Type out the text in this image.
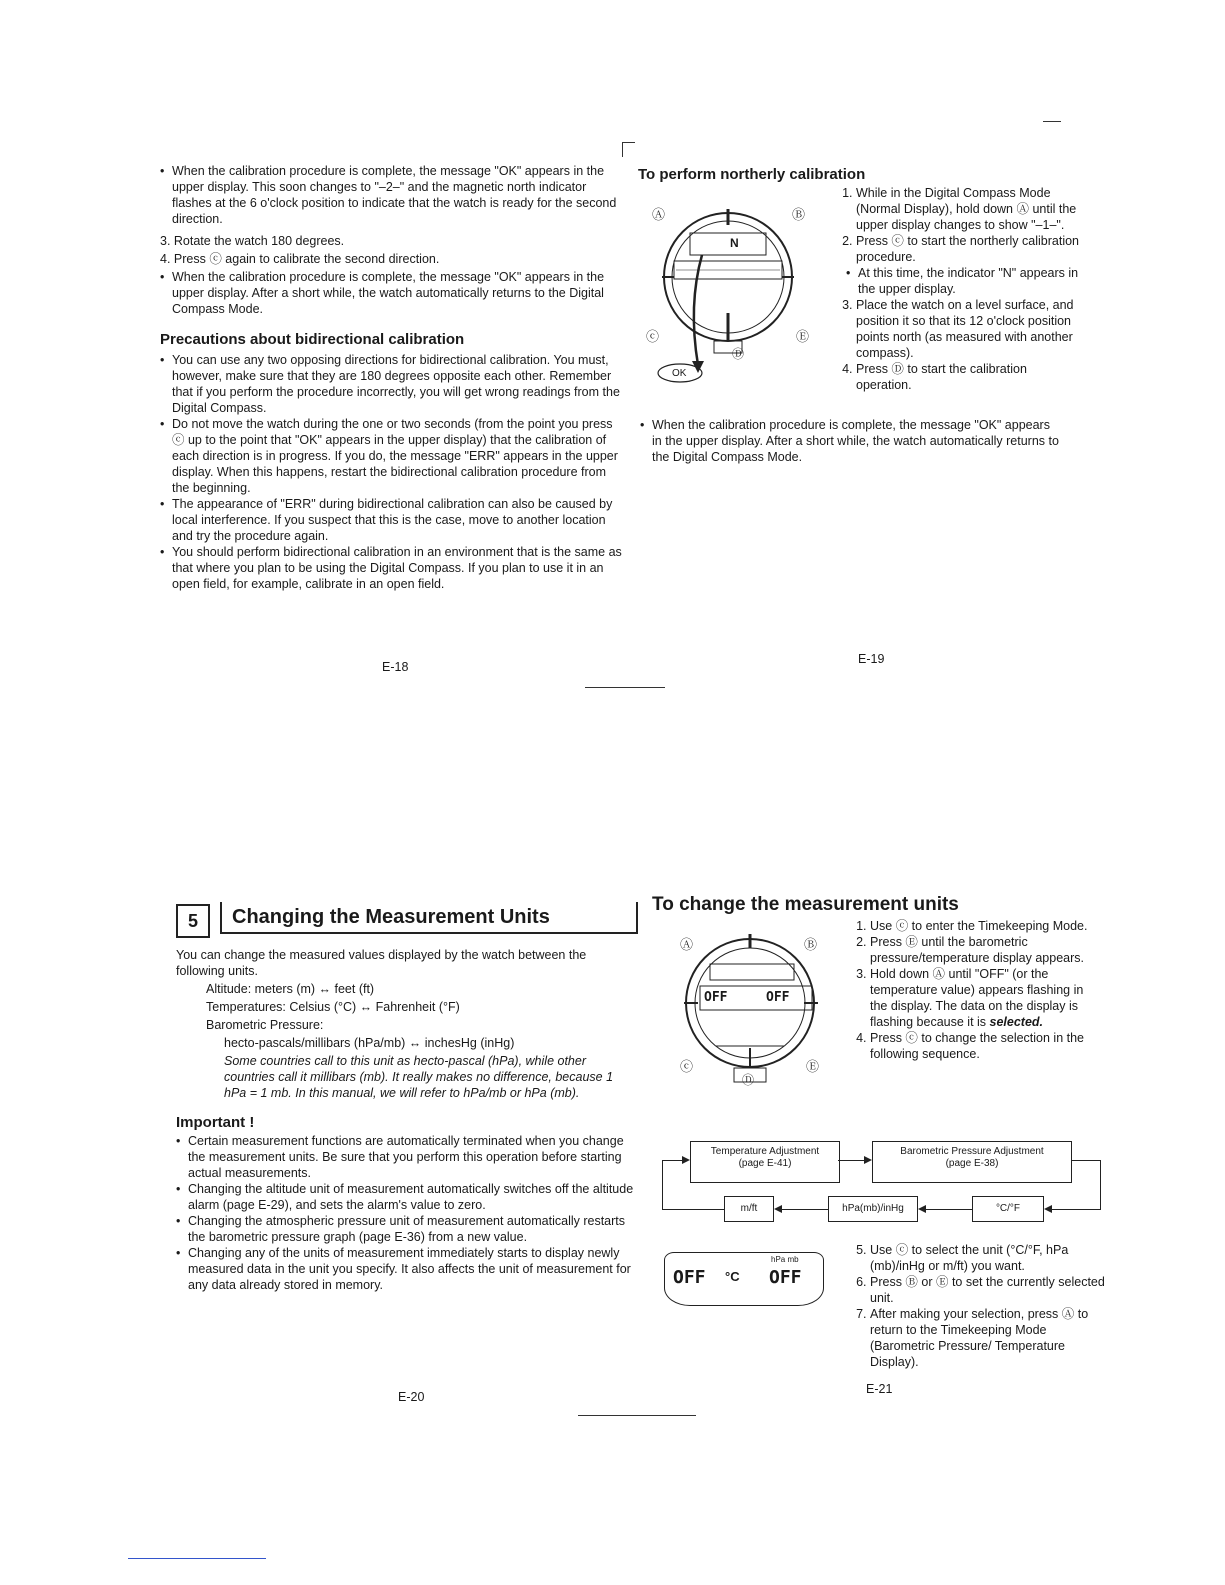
• When the calibration procedure is complete, the message "OK" appears in the upper display. This soon changes to "–2–" and the magnetic north indicator flashes at the 6 o'clock position to indicate that the watch is ready for the second direction.

3. Rotate the watch 180 degrees.

4. Press ⓒ again to calibrate the second direction.

• When the calibration procedure is complete, the message "OK" appears in the upper display. After a short while, the watch automatically returns to the Digital Compass Mode.
Precautions about bidirectional calibration
• You can use any two opposing directions for bidirectional calibration. You must, however, make sure that they are 180 degrees opposite each other. Remember that if you perform the procedure incorrectly, you will get wrong readings from the Digital Compass.
• Do not move the watch during the one or two seconds (from the point you press ⓒ up to the point that "OK" appears in the upper display) that the calibration of each direction is in progress. If you do, the message "ERR" appears in the upper display. When this happens, restart the bidirectional calibration procedure from the beginning.
• The appearance of "ERR" during bidirectional calibration can also be caused by local interference. If you suspect that this is the case, move to another location and try the procedure again.
• You should perform bidirectional calibration in an environment that is the same as that where you plan to be using the Digital Compass. If you plan to use it in an open field, for example, calibrate in an open field.
E-18
To perform northerly calibration
Ⓐ	Ⓑ
ⓒ	Ⓔ
Ⓓ
N
OK
1. While in the Digital Compass Mode (Normal Display), hold down Ⓐ until the upper display changes to show "–1–".
2. Press ⓒ to start the northerly calibration procedure.
• At this time, the indicator "N" appears in the upper display.
3. Place the watch on a level surface, and position it so that its 12 o'clock position points north (as measured with another compass).
4. Press Ⓓ to start the calibration operation.
• When the calibration procedure is complete, the message "OK" appears in the upper display. After a short while, the watch automatically returns to the Digital Compass Mode.
E-19
5	Changing the Measurement Units

You can change the measured values displayed by the watch between the following units.

Altitude: meters (m) ↔ feet (ft)

Temperatures: Celsius (°C) ↔ Fahrenheit (°F)

Barometric Pressure:

hecto-pascals/millibars (hPa/mb) ↔ inchesHg (inHg)

Some countries call to this unit as hecto-pascal (hPa), while other countries call it millibars (mb). It really makes no difference, because 1 hPa = 1 mb. In this manual, we will refer to hPa/mb or hPa (mb).

Important !
• Certain measurement functions are automatically terminated when you change the measurement units. Be sure that you perform this operation before starting actual measurements.
• Changing the altitude unit of measurement automatically switches off the altitude alarm (page E-29), and sets the alarm's value to zero.
• Changing the atmospheric pressure unit of measurement automatically restarts the barometric pressure graph (page E-36) from a new value.
• Changing any of the units of measurement immediately starts to display newly measured data in the unit you specify. It also affects the unit of measurement for any data already stored in memory.
E-20
To change the measurement units
Ⓐ	Ⓑ
ⓒ	Ⓔ
Ⓓ
OFF	OFF
1. Use ⓒ to enter the Timekeeping Mode.
2. Press Ⓔ until the barometric pressure/temperature display appears.
3. Hold down Ⓐ until "OFF" (or the temperature value) appears flashing in the display. The data on the display is flashing because it is selected.
4. Press ⓒ to change the selection in the following sequence.
Temperature Adjustment
(page E-41)
Barometric Pressure Adjustment
(page E-38)
m/ft	hPa(mb)/inHg	°C/°F
OFF °C
hPa mb
OFF
5. Use ⓒ to select the unit (°C/°F, hPa (mb)/inHg or m/ft) you want.
6. Press Ⓑ or Ⓔ to set the currently selected unit.
7. After making your selection, press Ⓐ to return to the Timekeeping Mode (Barometric Pressure/ Temperature Display).
E-21
